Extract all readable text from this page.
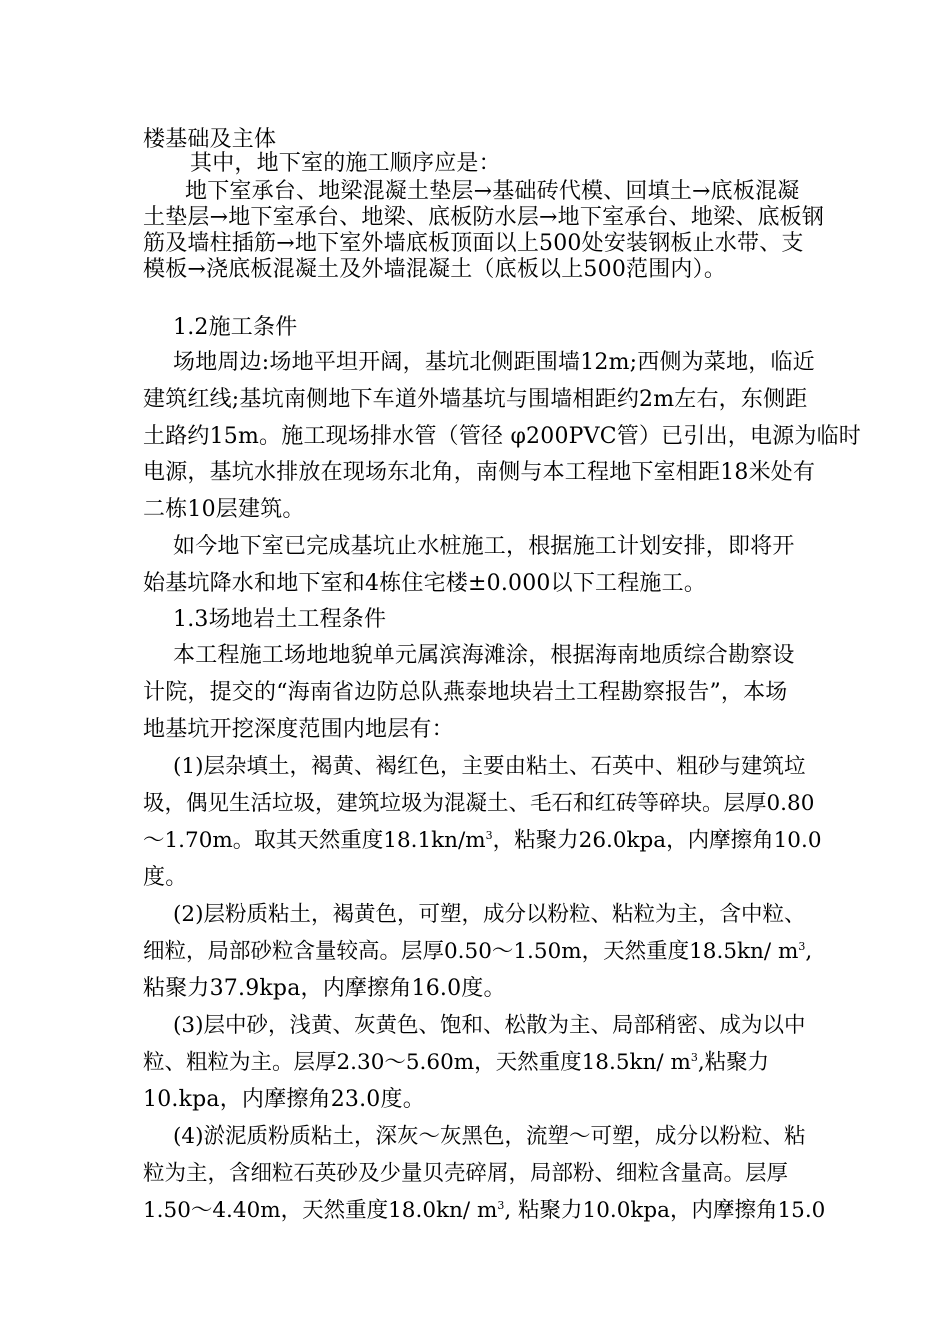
楼基础及主体
其中，地下室的施工顺序应是：
地下室承台、地梁混凝土垫层→基础砖代模、回填土→底板混凝
土垫层→地下室承台、地梁、底板防水层→地下室承台、地梁、底板钢
筋及墙柱插筋→地下室外墙底板顶面以上500处安装钢板止水带、支
模板→浇底板混凝土及外墙混凝土（底板以上500范围内）。
1.2施工条件
场地周边:场地平坦开阔，基坑北侧距围墙12m;西侧为菜地，临近
建筑红线;基坑南侧地下车道外墙基坑与围墙相距约2m左右，东侧距
土路约15m。施工现场排水管（管径 φ200PVC管）已引出，电源为临时
电源，基坑水排放在现场东北角，南侧与本工程地下室相距18米处有
二栋10层建筑。
如今地下室已完成基坑止水桩施工，根据施工计划安排，即将开
始基坑降水和地下室和4栋住宅楼±0.000以下工程施工。
1.3场地岩土工程条件
本工程施工场地地貌单元属滨海滩涂，根据海南地质综合勘察设
计院，提交的“海南省边防总队燕泰地块岩土工程勘察报告”，本场
地基坑开挖深度范围内地层有：
(1)层杂填土，褐黄、褐红色，主要由粘土、石英中、粗砂与建筑垃
圾，偶见生活垃圾，建筑垃圾为混凝土、毛石和红砖等碎块。层厚0.80
～1.70m。取其天然重度$18.1kn/m^3$，粘聚力26.0kpa，内摩擦角10.0
度。
(2)层粉质粘土，褐黄色，可塑，成分以粉粒、粘粒为主，含中粒、
细粒，局部砂粒含量较高。层厚0.50～1.50m，天然重度18.5kn/ $m^3$,
粘聚力37.9kpa，内摩擦角16.0度。
(3)层中砂，浅黄、灰黄色、饱和、松散为主、局部稍密、成为以中
粒、粗粒为主。层厚2.30～5.60m，天然重度18.5kn/ $m^3$,粘聚力
10.kpa，内摩擦角23.0度。
(4)淤泥质粉质粘土，深灰～灰黑色，流塑～可塑，成分以粉粒、粘
粒为主，含细粒石英砂及少量贝壳碎屑，局部粉、细粒含量高。层厚
1.50～4.40m，天然重度18.0kn/ $m^3$, 粘聚力10.0kpa，内摩擦角15.0
